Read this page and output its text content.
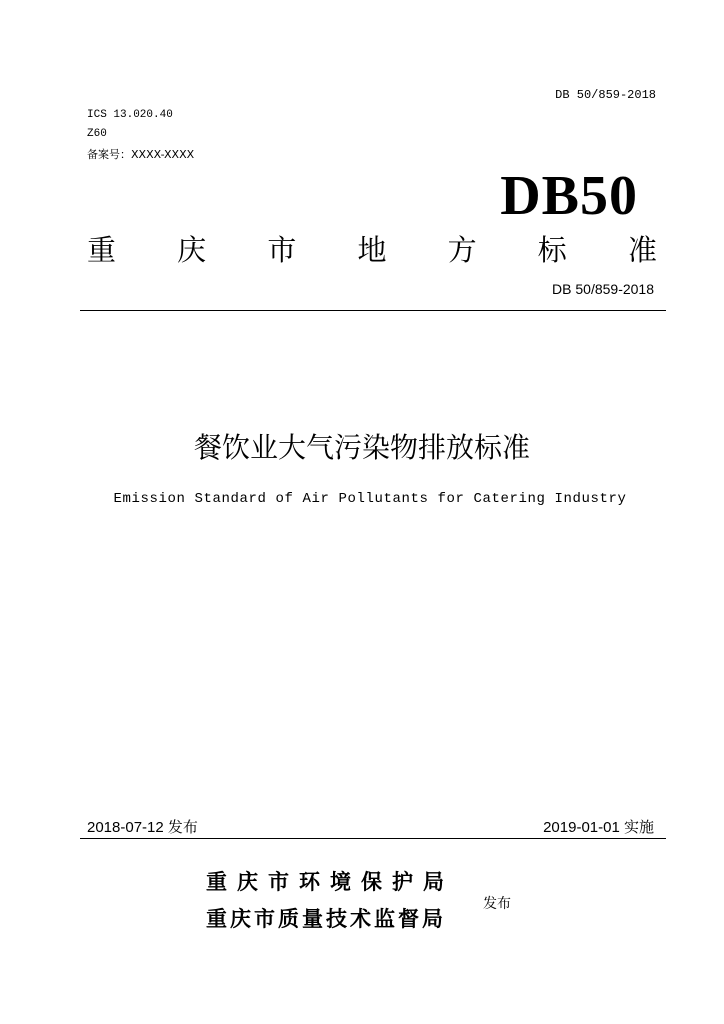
DB 50/859-2018
ICS 13.020.40
Z60
备案号：XXXX-XXXX
DB50
重 庆 市 地 方 标 准
DB 50/859-2018
餐饮业大气污染物排放标准
Emission Standard of Air Pollutants for Catering Industry
2018-07-12 发布	2019-01-01 实施
重庆市环境保护局
重庆市质量技术监督局
发布
